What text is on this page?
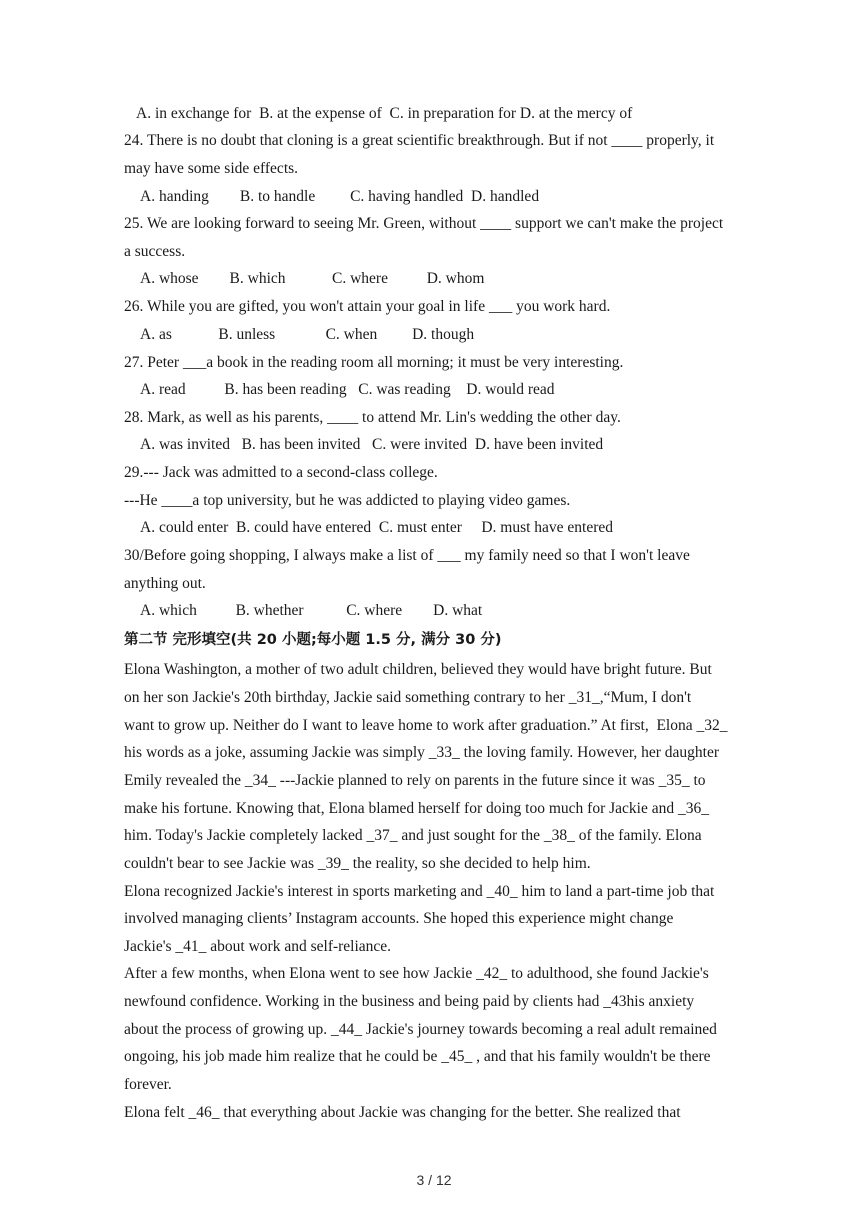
A. in exchange for  B. at the expense of  C. in preparation for D. at the mercy of
24. There is no doubt that cloning is a great scientific breakthrough. But if not ____ properly, it
may have some side effects.
A. handing        B. to handle         C. having handled  D. handled
25. We are looking forward to seeing Mr. Green, without ____ support we can't make the project
a success.
A. whose        B. which            C. where          D. whom
26. While you are gifted, you won't attain your goal in life ___ you work hard.
A. as            B. unless             C. when         D. though
27. Peter ___a book in the reading room all morning; it must be very interesting.
A. read          B. has been reading   C. was reading    D. would read
28. Mark, as well as his parents, ____ to attend Mr. Lin's wedding the other day.
A. was invited   B. has been invited   C. were invited  D. have been invited
29.--- Jack was admitted to a second-class college.
---He ____a top university, but he was addicted to playing video games.
A. could enter  B. could have entered  C. must enter     D. must have entered
30/Before going shopping, I always make a list of ___ my family need so that I won't leave
anything out.
A. which          B. whether           C. where        D. what
第二节 完形填空(共 20 小题;每小题 1.5 分, 满分 30 分)
Elona Washington, a mother of two adult children, believed they would have bright future. But
on her son Jackie's 20th birthday, Jackie said something contrary to her _31_,“Mum, I don't
want to grow up. Neither do I want to leave home to work after graduation.” At first,  Elona _32_
his words as a joke, assuming Jackie was simply _33_ the loving family. However, her daughter
Emily revealed the _34_ ---Jackie planned to rely on parents in the future since it was _35_ to
make his fortune. Knowing that, Elona blamed herself for doing too much for Jackie and _36_
him. Today's Jackie completely lacked _37_ and just sought for the _38_ of the family. Elona
couldn't bear to see Jackie was _39_ the reality, so she decided to help him.
Elona recognized Jackie's interest in sports marketing and _40_ him to land a part-time job that
involved managing clients’ Instagram accounts. She hoped this experience might change
Jackie's _41_ about work and self-reliance.
After a few months, when Elona went to see how Jackie _42_ to adulthood, she found Jackie's
newfound confidence. Working in the business and being paid by clients had _43his anxiety
about the process of growing up. _44_ Jackie's journey towards becoming a real adult remained
ongoing, his job made him realize that he could be _45_ , and that his family wouldn't be there
forever.
Elona felt _46_ that everything about Jackie was changing for the better. She realized that
3 / 12
